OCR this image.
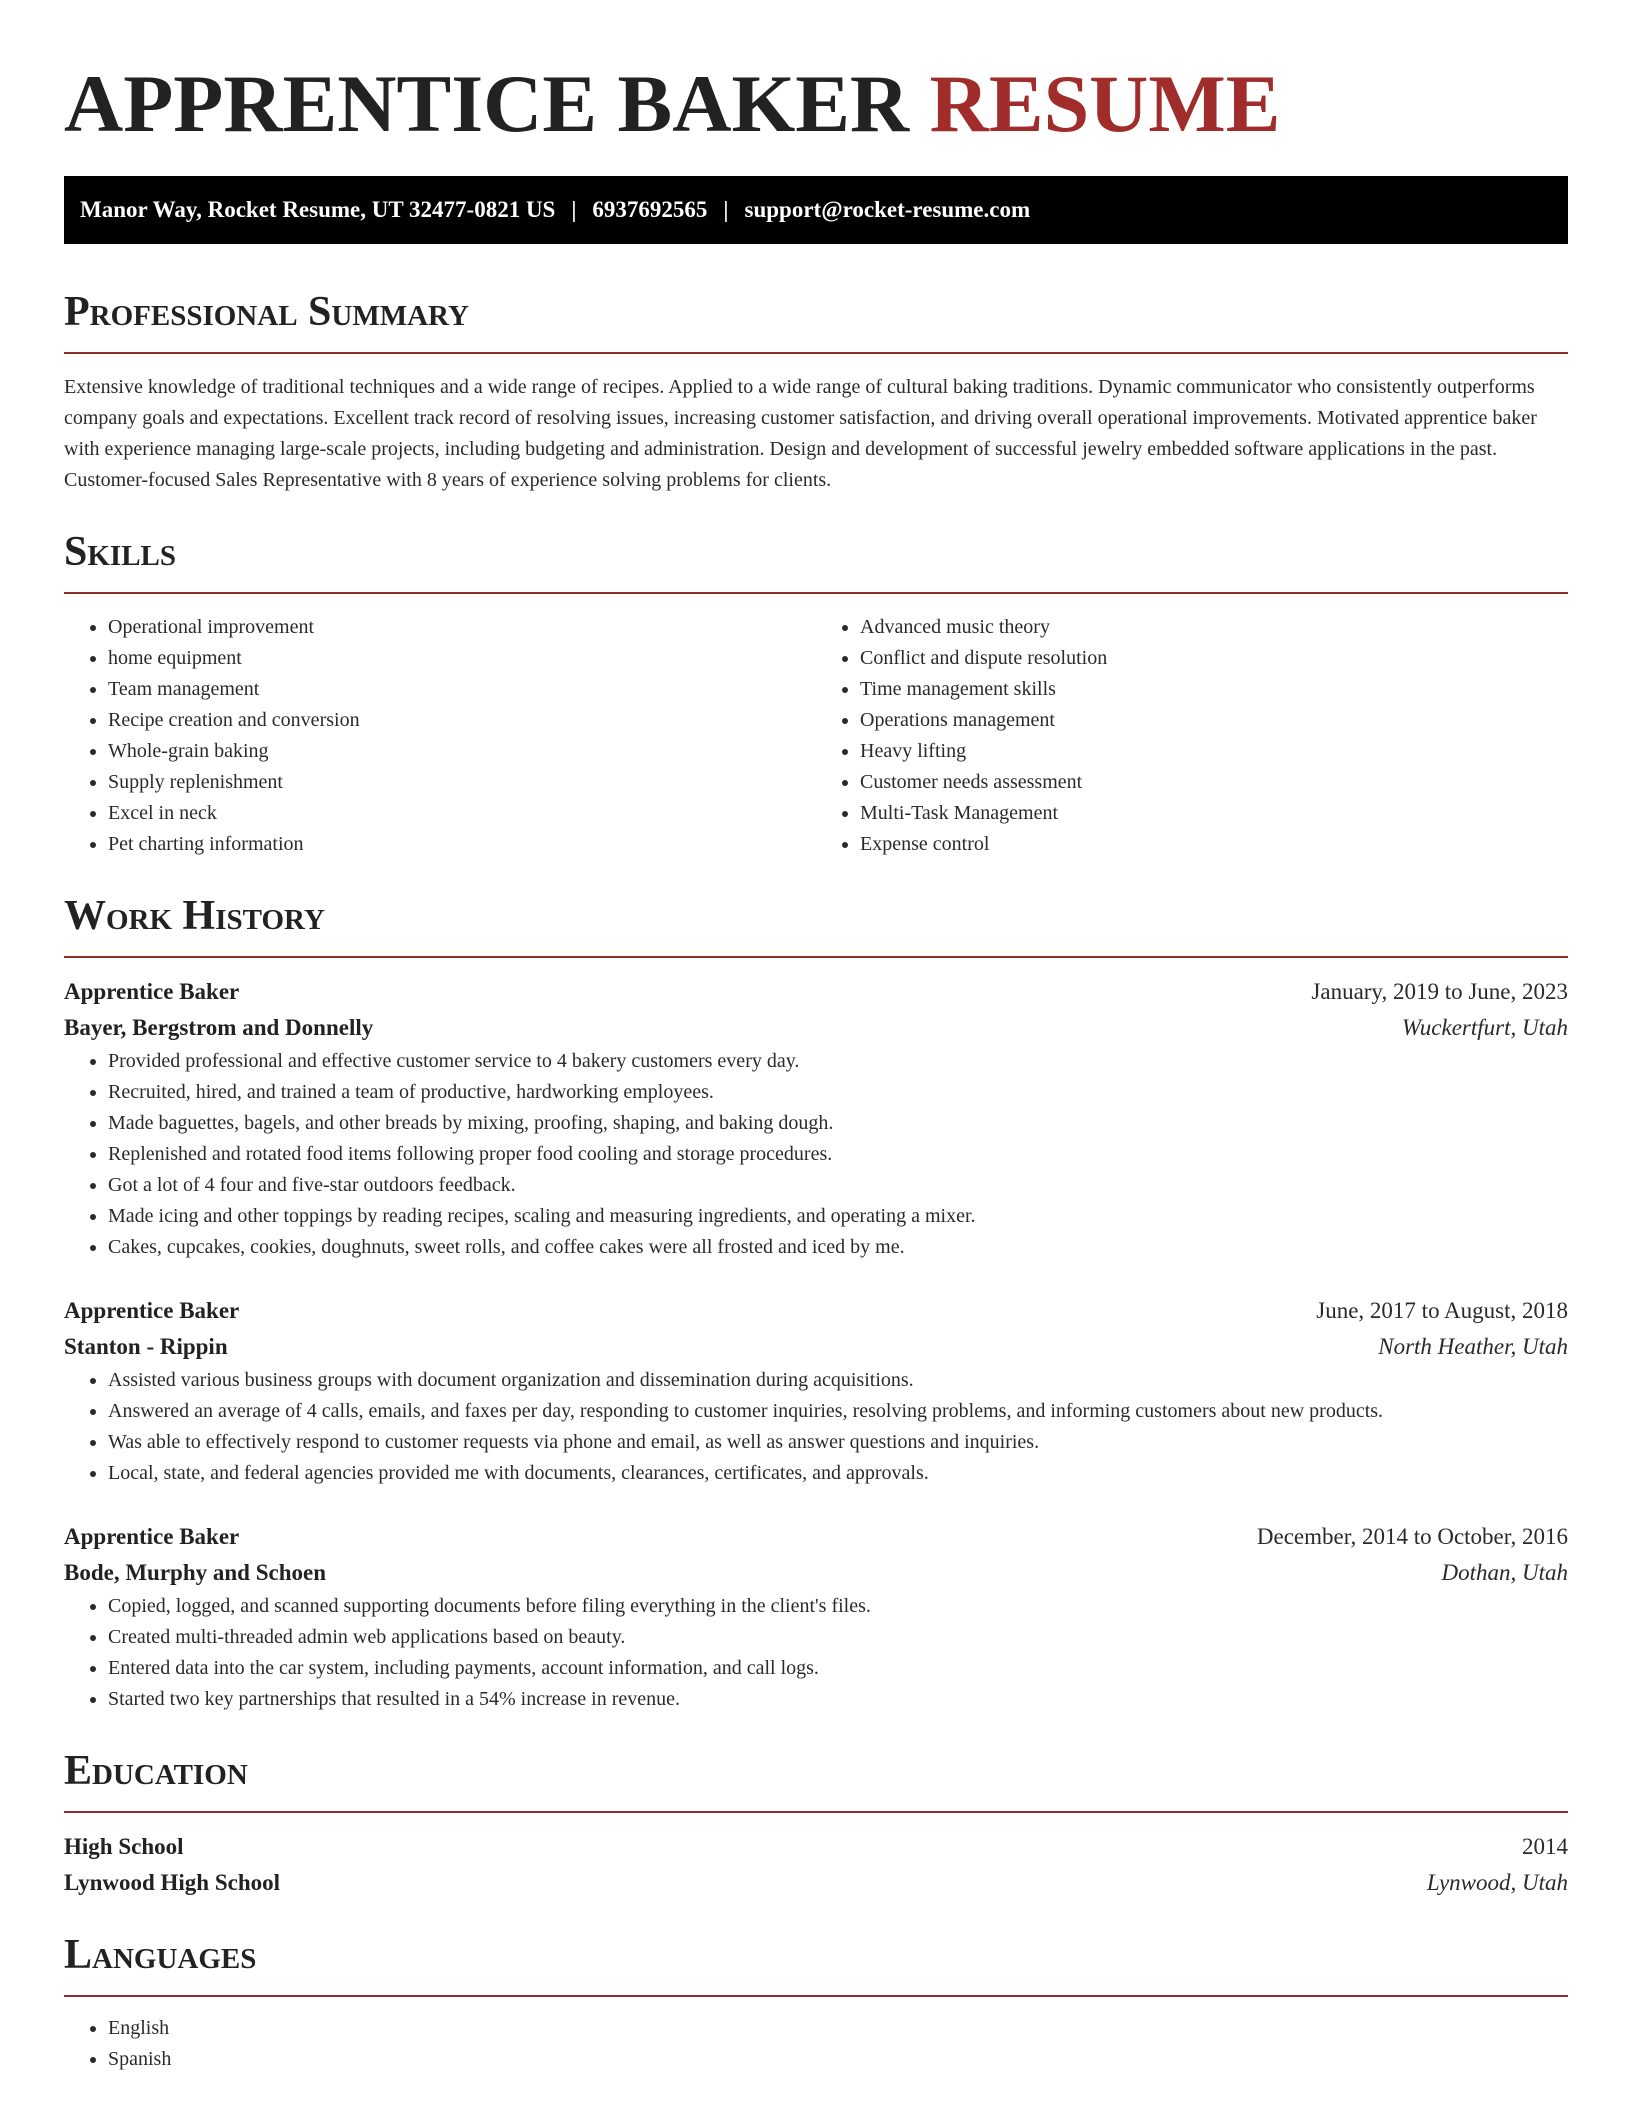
APPRENTICE BAKER RESUME
Manor Way, Rocket Resume, UT 32477-0821 US | 6937692565 | support@rocket-resume.com
Professional Summary

Extensive knowledge of traditional techniques and a wide range of recipes. Applied to a wide range of cultural baking traditions. Dynamic communicator who consistently outperforms company goals and expectations. Excellent track record of resolving issues, increasing customer satisfaction, and driving overall operational improvements. Motivated apprentice baker with experience managing large-scale projects, including budgeting and administration. Design and development of successful jewelry embedded software applications in the past. Customer-focused Sales Representative with 8 years of experience solving problems for clients.

Skills
• Operational improvement
• home equipment
• Team management
• Recipe creation and conversion
• Whole-grain baking
• Supply replenishment
• Excel in neck
• Pet charting information
• Advanced music theory
• Conflict and dispute resolution
• Time management skills
• Operations management
• Heavy lifting
• Customer needs assessment
• Multi-Task Management
• Expense control
Work History
Apprentice Baker	January, 2019 to June, 2023
Bayer, Bergstrom and Donnelly	Wuckertfurt, Utah
• Provided professional and effective customer service to 4 bakery customers every day.
• Recruited, hired, and trained a team of productive, hardworking employees.
• Made baguettes, bagels, and other breads by mixing, proofing, shaping, and baking dough.
• Replenished and rotated food items following proper food cooling and storage procedures.
• Got a lot of 4 four and five-star outdoors feedback.
• Made icing and other toppings by reading recipes, scaling and measuring ingredients, and operating a mixer.
• Cakes, cupcakes, cookies, doughnuts, sweet rolls, and coffee cakes were all frosted and iced by me.
Apprentice Baker	June, 2017 to August, 2018
Stanton - Rippin	North Heather, Utah
• Assisted various business groups with document organization and dissemination during acquisitions.
• Answered an average of 4 calls, emails, and faxes per day, responding to customer inquiries, resolving problems, and informing customers about new products.
• Was able to effectively respond to customer requests via phone and email, as well as answer questions and inquiries.
• Local, state, and federal agencies provided me with documents, clearances, certificates, and approvals.
Apprentice Baker	December, 2014 to October, 2016
Bode, Murphy and Schoen	Dothan, Utah
• Copied, logged, and scanned supporting documents before filing everything in the client's files.
• Created multi-threaded admin web applications based on beauty.
• Entered data into the car system, including payments, account information, and call logs.
• Started two key partnerships that resulted in a 54% increase in revenue.
Education
High School	2014
Lynwood High School	Lynwood, Utah
Languages
• English
• Spanish
